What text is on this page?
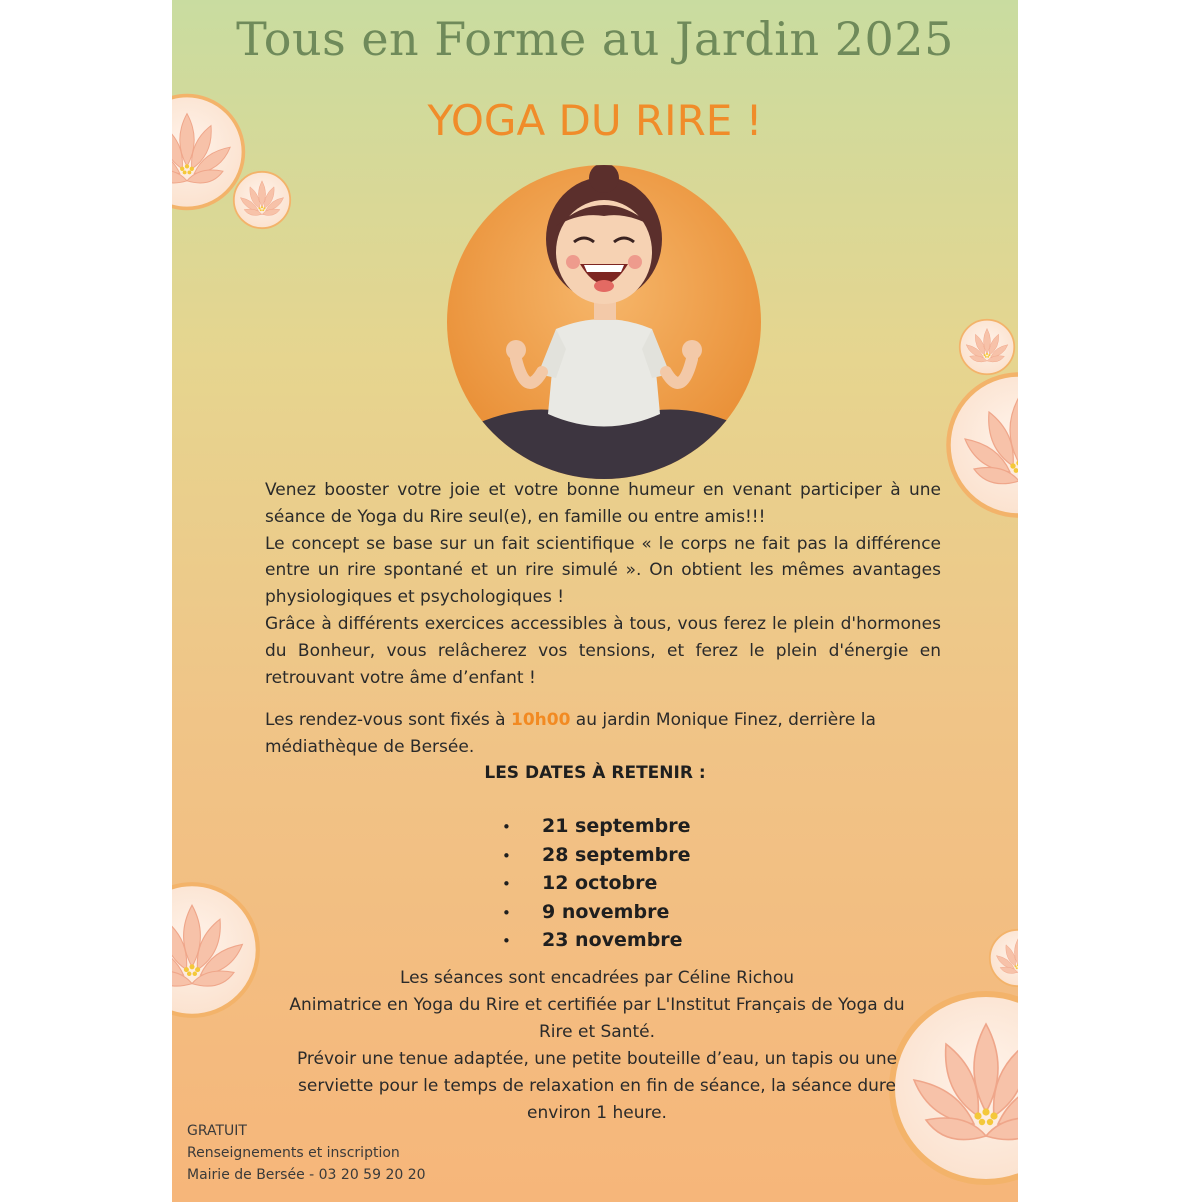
Tous en Forme au Jardin 2025
YOGA DU RIRE !

Venez booster votre joie et votre bonne humeur en venant participer à une séance de Yoga du Rire seul(e), en famille ou entre amis!!!

Le concept se base sur un fait scientifique « le corps ne fait pas la différence entre un rire spontané et un rire simulé ». On obtient les mêmes avantages physiologiques et psychologiques !

Grâce à différents exercices accessibles à tous, vous ferez le plein d'hormones du Bonheur, vous relâcherez vos tensions, et ferez le plein d'énergie en retrouvant votre âme d’enfant !

Les rendez-vous sont fixés à 10h00 au jardin Monique Finez, derrière la médiathèque de Bersée.
LES DATES À RETENIR :
• 21 septembre
• 28 septembre
• 12 octobre
• 9 novembre
• 23 novembre

Les séances sont encadrées par Céline Richou

Animatrice en Yoga du Rire et certifiée par L'Institut Français de Yoga du Rire et Santé.

Prévoir une tenue adaptée, une petite bouteille d’eau, un tapis ou une serviette pour le temps de relaxation en fin de séance, la séance dure environ 1 heure.

GRATUIT

Renseignements et inscription

Mairie de Bersée - 03 20 59 20 20
